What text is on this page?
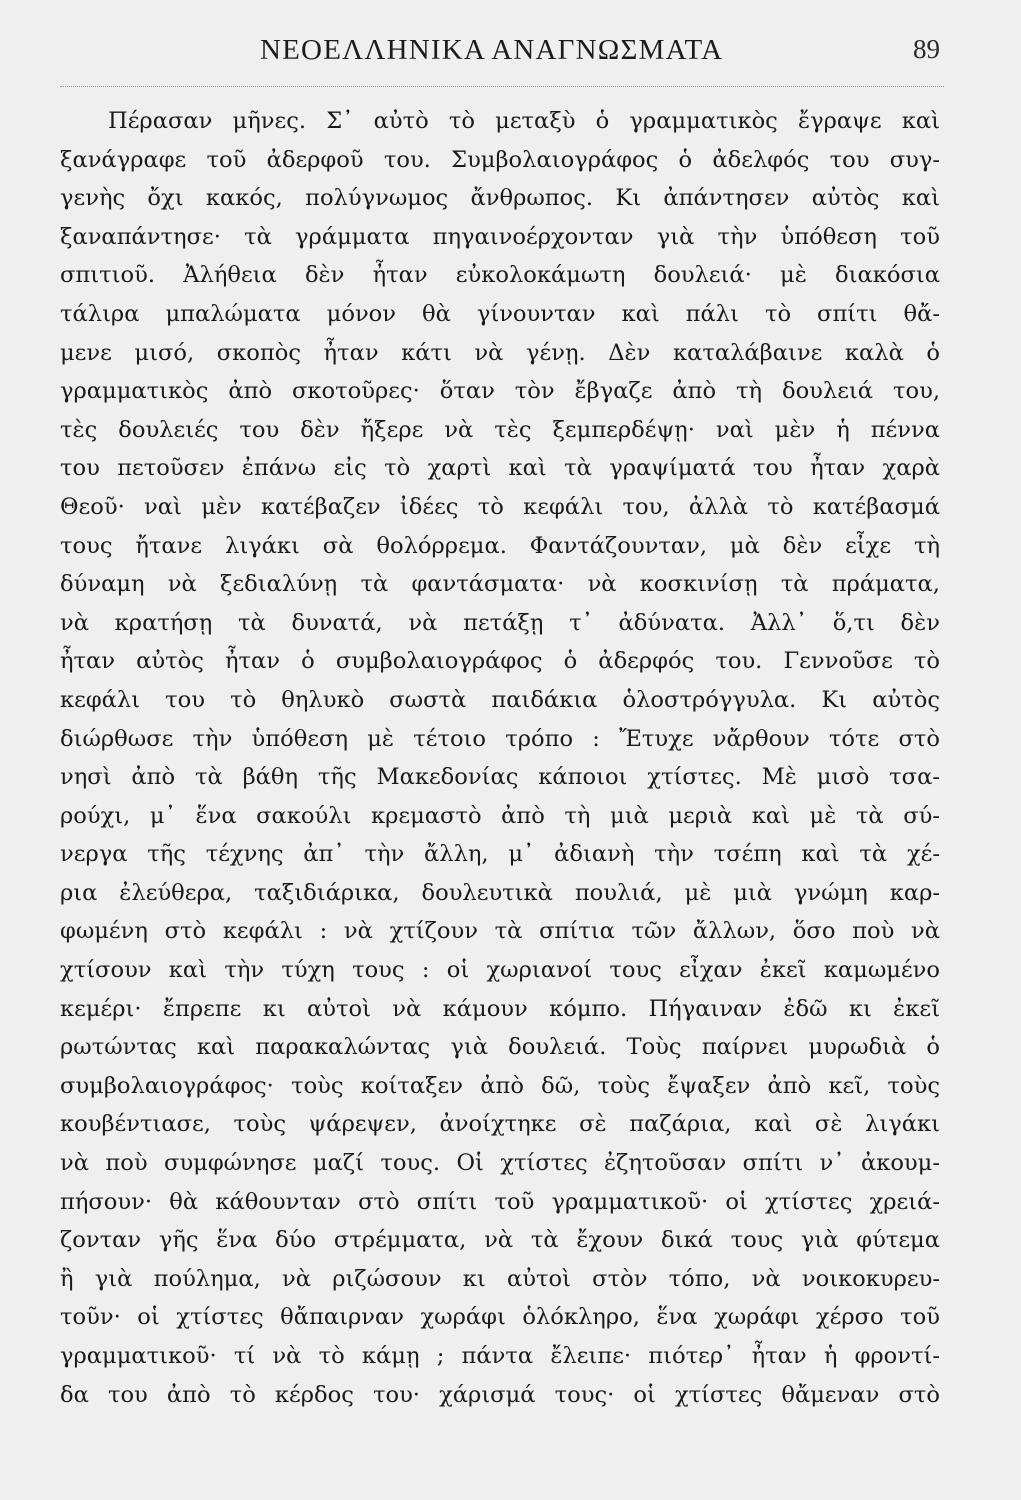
ΝΕΟΕΛΛΗΝΙΚΑ ΑΝΑΓΝΩΣΜΑΤΑ	89
Πέρασαν μῆνες. Σ᾽ αὐτὸ τὸ μεταξὺ ὁ γραμματικὸς ἔγραψε καὶ
ξανάγραφε τοῦ ἀδερφοῦ του. Συμβολαιογράφος ὁ ἀδελφός του συγ-
γενὴς ὄχι κακός, πολύγνωμος ἄνθρωπος. Κι ἀπάντησεν αὐτὸς καὶ
ξαναπάντησε· τὰ γράμματα πηγαινοέρχονταν γιὰ τὴν ὑπόθεση τοῦ
σπιτιοῦ. Ἀλήθεια δὲν ἦταν εὐκολοκάμωτη δουλειά· μὲ διακόσια
τάλιρα μπαλώματα μόνον θὰ γίνουνταν καὶ πάλι τὸ σπίτι θἄ-
μενε μισό, σκοπὸς ἦταν κάτι νὰ γένῃ. Δὲν καταλάβαινε καλὰ ὁ
γραμματικὸς ἀπὸ σκοτοῦρες· ὅταν τὸν ἔβγαζε ἀπὸ τὴ δουλειά του,
τὲς δουλειές του δὲν ἤξερε νὰ τὲς ξεμπερδέψῃ· ναὶ μὲν ἡ πέννα
του πετοῦσεν ἐπάνω εἰς τὸ χαρτὶ καὶ τὰ γραψίματά του ἦταν χαρὰ
Θεοῦ· ναὶ μὲν κατέβαζεν ἰδέες τὸ κεφάλι του, ἀλλὰ τὸ κατέβασμά
τους ἤτανε λιγάκι σὰ θολόρρεμα. Φαντάζουνταν, μὰ δὲν εἶχε τὴ
δύναμη νὰ ξεδιαλύνῃ τὰ φαντάσματα· νὰ κοσκινίσῃ τὰ πράματα,
νὰ κρατήσῃ τὰ δυνατά, νὰ πετάξῃ τ᾽ ἀδύνατα. Ἀλλ᾽ ὅ,τι δὲν
ἦταν αὐτὸς ἦταν ὁ συμβολαιογράφος ὁ ἀδερφός του. Γεννοῦσε τὸ
κεφάλι του τὸ θηλυκὸ σωστὰ παιδάκια ὁλοστρόγγυλα. Κι αὐτὸς
διώρθωσε τὴν ὑπόθεση μὲ τέτοιο τρόπο : Ἔτυχε νἄρθουν τότε στὸ
νησὶ ἀπὸ τὰ βάθη τῆς Μακεδονίας κάποιοι χτίστες. Μὲ μισὸ τσα-
ρούχι, μ᾽ ἕνα σακούλι κρεμαστὸ ἀπὸ τὴ μιὰ μεριὰ καὶ μὲ τὰ σύ-
νεργα τῆς τέχνης ἀπ᾽ τὴν ἄλλη, μ᾽ ἀδιανὴ τὴν τσέπη καὶ τὰ χέ-
ρια ἐλεύθερα, ταξιδιάρικα, δουλευτικὰ πουλιά, μὲ μιὰ γνώμη καρ-
φωμένη στὸ κεφάλι : νὰ χτίζουν τὰ σπίτια τῶν ἄλλων, ὅσο ποὺ νὰ
χτίσουν καὶ τὴν τύχη τους : οἱ χωριανοί τους εἶχαν ἐκεῖ καμωμένο
κεμέρι· ἔπρεπε κι αὐτοὶ νὰ κάμουν κόμπο. Πήγαιναν ἐδῶ κι ἐκεῖ
ρωτώντας καὶ παρακαλώντας γιὰ δουλειά. Τοὺς παίρνει μυρωδιὰ ὁ
συμβολαιογράφος· τοὺς κοίταξεν ἀπὸ δῶ, τοὺς ἔψαξεν ἀπὸ κεῖ, τοὺς
κουβέντιασε, τοὺς ψάρεψεν, ἀνοίχτηκε σὲ παζάρια, καὶ σὲ λιγάκι
νὰ ποὺ συμφώνησε μαζί τους. Οἱ χτίστες ἐζητοῦσαν σπίτι ν᾽ ἀκουμ-
πήσουν· θὰ κάθουνταν στὸ σπίτι τοῦ γραμματικοῦ· οἱ χτίστες χρειά-
ζονταν γῆς ἕνα δύο στρέμματα, νὰ τὰ ἔχουν δικά τους γιὰ φύτεμα
ἢ γιὰ πούλημα, νὰ ριζώσουν κι αὐτοὶ στὸν τόπο, νὰ νοικοκυρευ-
τοῦν· οἱ χτίστες θἄπαιρναν χωράφι ὁλόκληρο, ἕνα χωράφι χέρσο τοῦ
γραμματικοῦ· τί νὰ τὸ κάμῃ ; πάντα ἔλειπε· πιότερ᾽ ἦταν ἡ φροντί-
δα του ἀπὸ τὸ κέρδος του· χάρισμά τους· οἱ χτίστες θἄμεναν στὸ
